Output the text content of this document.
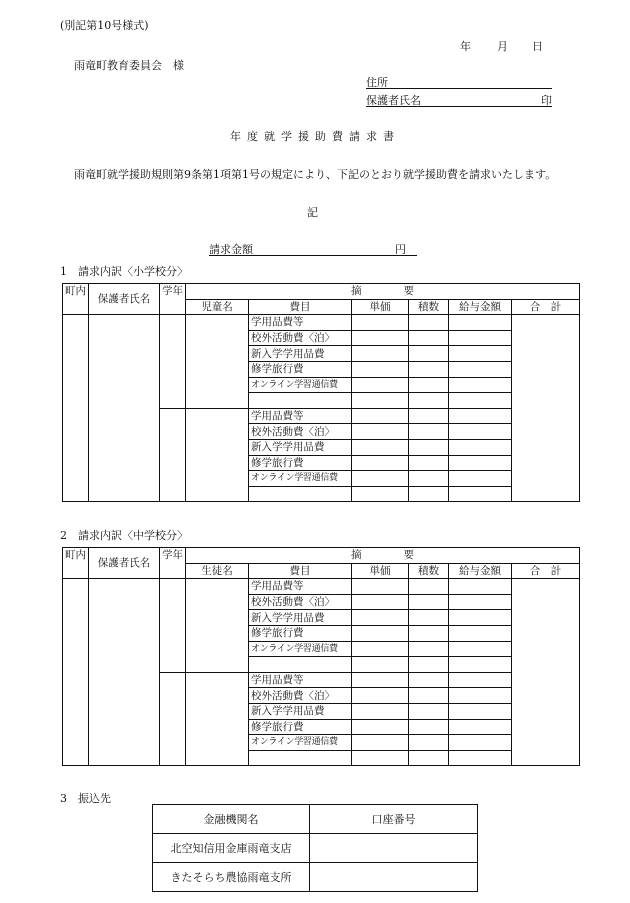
(別記第10号様式)
年 月 日
雨竜町教育委員会　様
住所
保護者氏名	印
年度就学援助費請求書
雨竜町就学援助規則第9条第1項第1号の規定により、下記のとおり就学援助費を請求いたします。
記
請求金額	円
1　請求内訳〈小学校分〉
2　請求内訳〈中学校分〉
町内	保護者氏名	学年	摘　　　　要					
			児童名	費目	単価	積数	給与金額	合　計
				学用品費等				
				校外活動費〈泊〉				
				新入学学用品費				
				修学旅行費				
				オンライン学習通信費				

				学用品費等				
				校外活動費〈泊〉				
				新入学学用品費				
				修学旅行費				
				オンライン学習通信費				

町内	保護者氏名	学年	摘　　　　要					
			生徒名	費目	単価	積数	給与金額	合　計
				学用品費等				
				校外活動費〈泊〉				
				新入学学用品費				
				修学旅行費				
				オンライン学習通信費				

				学用品費等				
				校外活動費〈泊〉				
				新入学学用品費				
				修学旅行費				
				オンライン学習通信費				

3　振込先
金融機関名	口座番号
北空知信用金庫雨竜支店	
きたそらち農協雨竜支所	
